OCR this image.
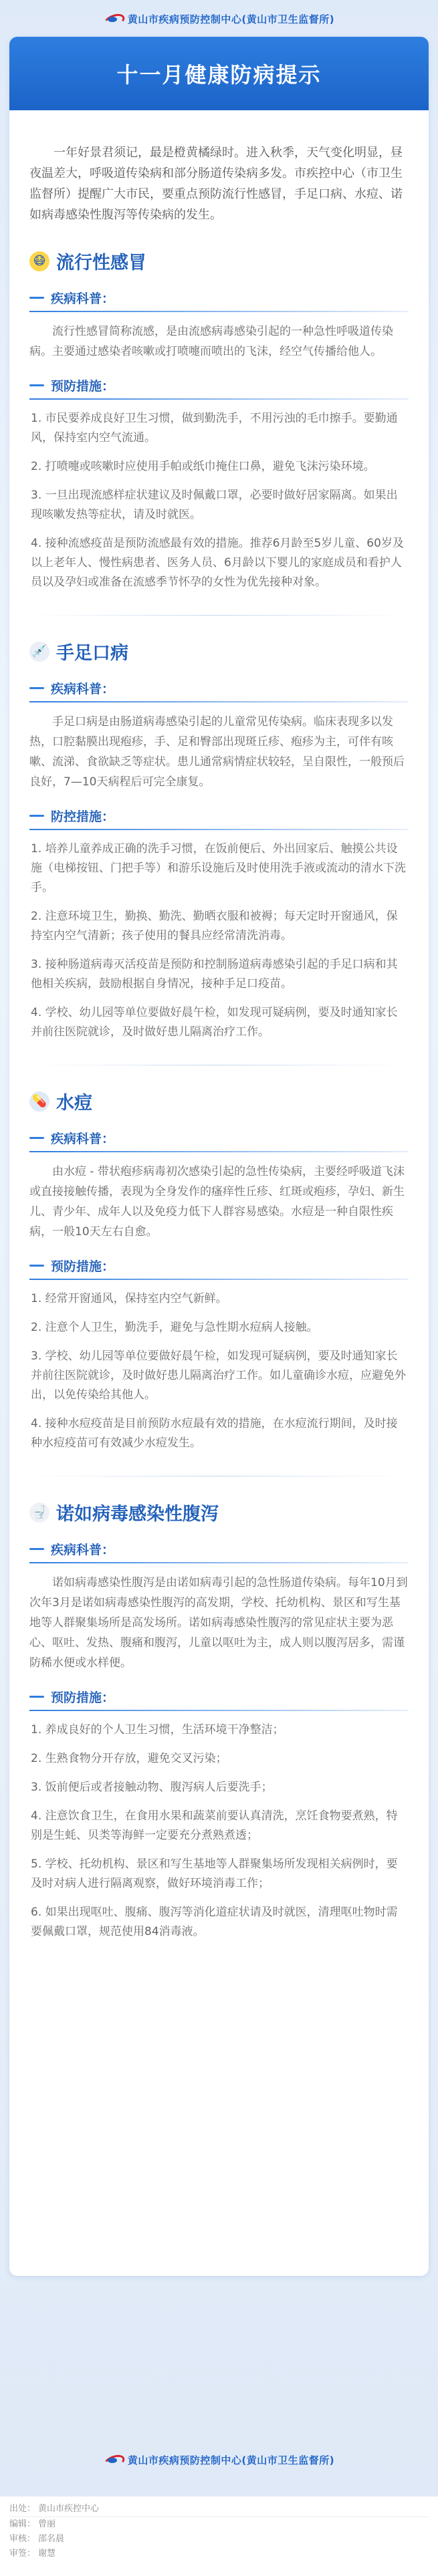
黄山市疾病预防控制中心(黄山市卫生监督所)
十一月健康防病提示

一年好景君须记，最是橙黄橘绿时。进入秋季，天气变化明显，昼夜温差大，呼吸道传染病和部分肠道传染病多发。市疾控中心（市卫生监督所）提醒广大市民，要重点预防流行性感冒，手足口病、水痘、诺如病毒感染性腹泻等传染病的发生。

😷 流行性感冒
疾病科普：

流行性感冒简称流感，是由流感病毒感染引起的一种急性呼吸道传染病。主要通过感染者咳嗽或打喷嚏而喷出的飞沫，经空气传播给他人。

预防措施：
1. 市民要养成良好卫生习惯，做到勤洗手，不用污浊的毛巾擦手。要勤通风，保持室内空气流通。
2. 打喷嚏或咳嗽时应使用手帕或纸巾掩住口鼻，避免飞沫污染环境。
3. 一旦出现流感样症状建议及时佩戴口罩，必要时做好居家隔离。如果出现咳嗽发热等症状，请及时就医。
4. 接种流感疫苗是预防流感最有效的措施。推荐6月龄至5岁儿童、60岁及以上老年人、慢性病患者、医务人员、6月龄以下婴儿的家庭成员和看护人员以及孕妇或准备在流感季节怀孕的女性为优先接种对象。
💉 手足口病
疾病科普：

手足口病是由肠道病毒感染引起的儿童常见传染病。临床表现多以发热，口腔黏膜出现疱疹，手、足和臀部出现斑丘疹、疱疹为主，可伴有咳嗽、流涕、食欲缺乏等症状。患儿通常病情症状较轻，呈自限性，一般预后良好，7—10天病程后可完全康复。

防控措施：
1. 培养儿童养成正确的洗手习惯，在饭前便后、外出回家后、触摸公共设施（电梯按钮、门把手等）和游乐设施后及时使用洗手液或流动的清水下洗手。
2. 注意环境卫生，勤换、勤洗、勤晒衣服和被褥；每天定时开窗通风，保持室内空气清新；孩子使用的餐具应经常清洗消毒。
3. 接种肠道病毒灭活疫苗是预防和控制肠道病毒感染引起的手足口病和其他相关疾病，鼓励根据自身情况，接种手足口疫苗。
4. 学校、幼儿园等单位要做好晨午检，如发现可疑病例，要及时通知家长并前往医院就诊，及时做好患儿隔离治疗工作。
💊 水痘
疾病科普：

由水痘 - 带状疱疹病毒初次感染引起的急性传染病，主要经呼吸道飞沫或直接接触传播，表现为全身发作的瘙痒性丘疹、红斑或疱疹，孕妇、新生儿、青少年、成年人以及免疫力低下人群容易感染。水痘是一种自限性疾病，一般10天左右自愈。

预防措施：
1. 经常开窗通风，保持室内空气新鲜。
2. 注意个人卫生，勤洗手，避免与急性期水痘病人接触。
3. 学校、幼儿园等单位要做好晨午检，如发现可疑病例，要及时通知家长并前往医院就诊，及时做好患儿隔离治疗工作。如儿童确诊水痘，应避免外出，以免传染给其他人。
4. 接种水痘疫苗是目前预防水痘最有效的措施，在水痘流行期间，及时接种水痘疫苗可有效减少水痘发生。
🚽 诺如病毒感染性腹泻
疾病科普：

诺如病毒感染性腹泻是由诺如病毒引起的急性肠道传染病。每年10月到次年3月是诺如病毒感染性腹泻的高发期，学校、托幼机构、景区和写生基地等人群聚集场所是高发场所。诺如病毒感染性腹泻的常见症状主要为恶心、呕吐、发热、腹痛和腹泻，儿童以呕吐为主，成人则以腹泻居多，需谨防稀水便或水样便。

预防措施：
1. 养成良好的个人卫生习惯，生活环境干净整洁；
2. 生熟食物分开存放，避免交叉污染；
3. 饭前便后或者接触动物、腹泻病人后要洗手；
4. 注意饮食卫生，在食用水果和蔬菜前要认真清洗，烹饪食物要煮熟，特别是生蚝、贝类等海鲜一定要充分煮熟煮透；
5. 学校、托幼机构、景区和写生基地等人群聚集场所发现相关病例时，要及时对病人进行隔离观察，做好环境消毒工作；
6. 如果出现呕吐、腹痛、腹泻等消化道症状请及时就医，清理呕吐物时需要佩戴口罩，规范使用84消毒液。
黄山市疾病预防控制中心(黄山市卫生监督所)
出处： 黄山市疾控中心
编辑： 曾丽
审核： 邵名晨
审签： 谢慧
